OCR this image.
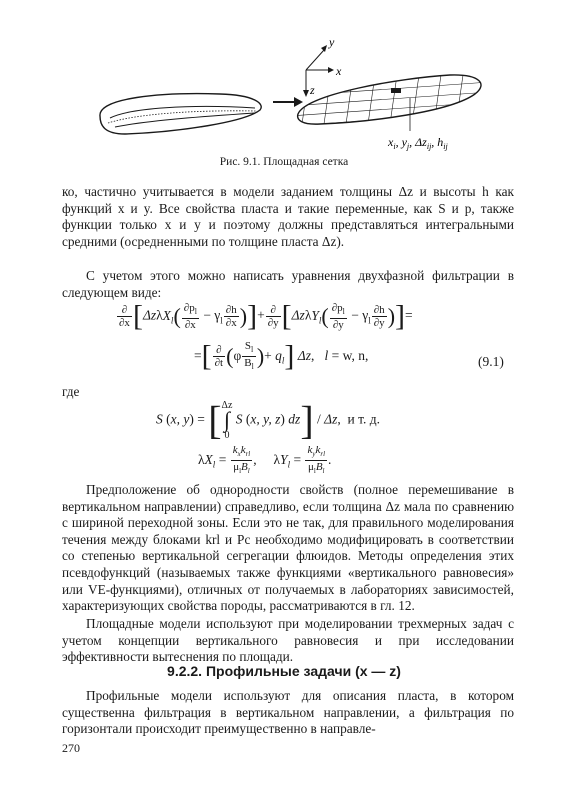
y
x
z
$x_i$, $y_j$, $\Delta z_{ij}$, $h_{ij}$
Рис. 9.1. Площадная сетка

ко, частично учитывается в модели заданием толщины Δz и высоты h как функций x и y. Все свойства пласта и такие переменные, как S и p, также функции только x и y и поэтому должны представляться интегральными средними (осредненными по толщине пласта Δz).

С учетом этого можно написать уравнения двухфазной фильтрации в следующем виде:

$\frac{\partial}{\partial x} [\Delta z\lambda X_l( \frac{\partial p_l}{\partial x} - \gamma_l \frac{\partial h}{\partial x}$ )]+ $\frac{\partial}{\partial y} [\Delta z\lambda Y_l( \frac{\partial p_l}{\partial y} - \gamma_l \frac{\partial h}{\partial y}$ )]=
=[ $\frac{\partial}{\partial t} (\varphi \frac{S_l}{B_l}$ )+ $q_l$] Δz,   l = w, n,	(9.1)
где
S (x, y) = [Δz
∫
0 S (x, y, z) dz] / Δz,  и т. д.
$\lambda X_l = \frac{k_xk_{rl}}{\mu_lB_l}$ ,     $\lambda Y_l = \frac{k_yk_{rl}}{\mu_lB_l}$ .

Предположение об однородности свойств (полное перемешивание в вертикальном направлении) справедливо, если толщина Δz мала по сравнению с шириной переходной зоны. Если это не так, для правильного моделирования течения между блоками krl и Pc необходимо модифицировать в соответствии со степенью вертикальной сегрегации флюидов. Методы определения этих псевдофункций (называемых также функциями «вертикального равновесия» или VE-функциями), отличных от получаемых в лабораториях зависимостей, характеризующих свойства породы, рассматриваются в гл. 12.

Площадные модели используют при моделировании трехмерных задач с учетом концепции вертикального равновесия и при исследовании эффективности вытеснения по площади.

9.2.2. Профильные задачи (x — z)

Профильные модели используют для описания пласта, в котором существенна фильтрация в вертикальном направлении, а фильтрация по горизонтали происходит преимущественно в направле-

270
